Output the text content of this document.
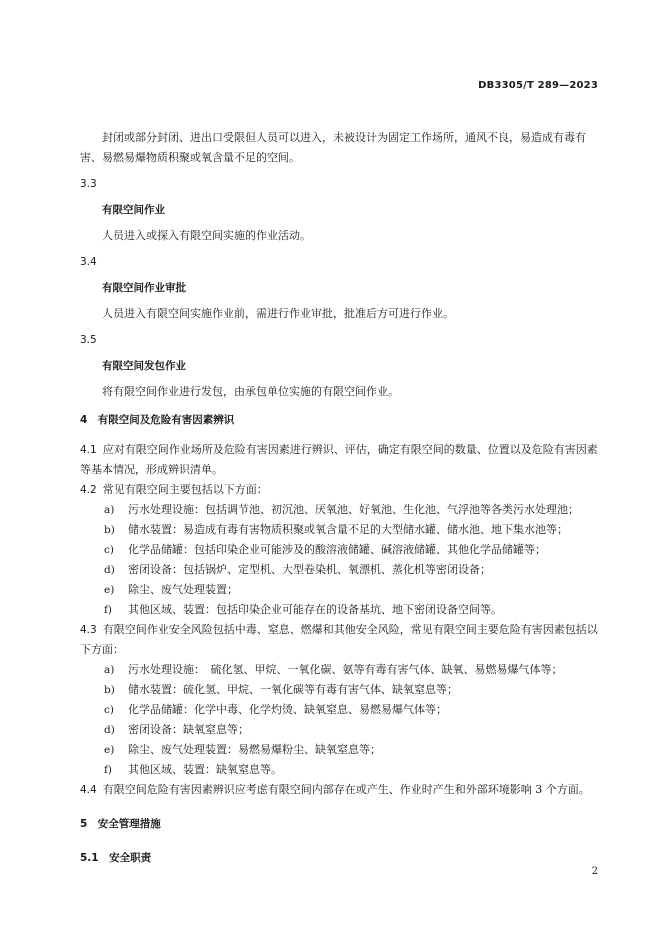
DB3305/T 289—2023

封闭或部分封闭、进出口受限但人员可以进入，未被设计为固定工作场所，通风不良，易造成有毒有害、易燃易爆物质积聚或氧含量不足的空间。

3.3

有限空间作业

人员进入或探入有限空间实施的作业活动。

3.4

有限空间作业审批

人员进入有限空间实施作业前，需进行作业审批，批准后方可进行作业。

3.5

有限空间发包作业

将有限空间作业进行发包，由承包单位实施的有限空间作业。

4　有限空间及危险有害因素辨识

4.1 应对有限空间作业场所及危险有害因素进行辨识、评估，确定有限空间的数量、位置以及危险有害因素等基本情况，形成辨识清单。

4.2 常见有限空间主要包括以下方面：

a)	污水处理设施：包括调节池、初沉池、厌氧池、好氧池、生化池、气浮池等各类污水处理池；

b)	储水装置：易造成有毒有害物质积聚或氧含量不足的大型储水罐、储水池、地下集水池等；

c)	化学品储罐：包括印染企业可能涉及的酸溶液储罐、碱溶液储罐、其他化学品储罐等；

d)	密闭设备：包括锅炉、定型机、大型卷染机、氧漂机、蒸化机等密闭设备；

e)	除尘、废气处理装置；

f)	其他区域、装置：包括印染企业可能存在的设备基坑、地下密闭设备空间等。

4.3 有限空间作业安全风险包括中毒、窒息、燃爆和其他安全风险，常见有限空间主要危险有害因素包括以下方面：

a)	污水处理设施：　硫化氢、甲烷、一氧化碳、氨等有毒有害气体、缺氧、易燃易爆气体等；

b)	储水装置：硫化氢、甲烷、一氧化碳等有毒有害气体、缺氧窒息等；

c)	化学品储罐：化学中毒、化学灼烫、缺氧窒息、易燃易爆气体等；

d)	密闭设备：缺氧窒息等；

e)	除尘、废气处理装置：易燃易爆粉尘、缺氧窒息等；

f)	其他区域、装置：缺氧窒息等。

4.4 有限空间危险有害因素辨识应考虑有限空间内部存在或产生、作业时产生和外部环境影响 3 个方面。

5　安全管理措施

5.1　安全职责

2
